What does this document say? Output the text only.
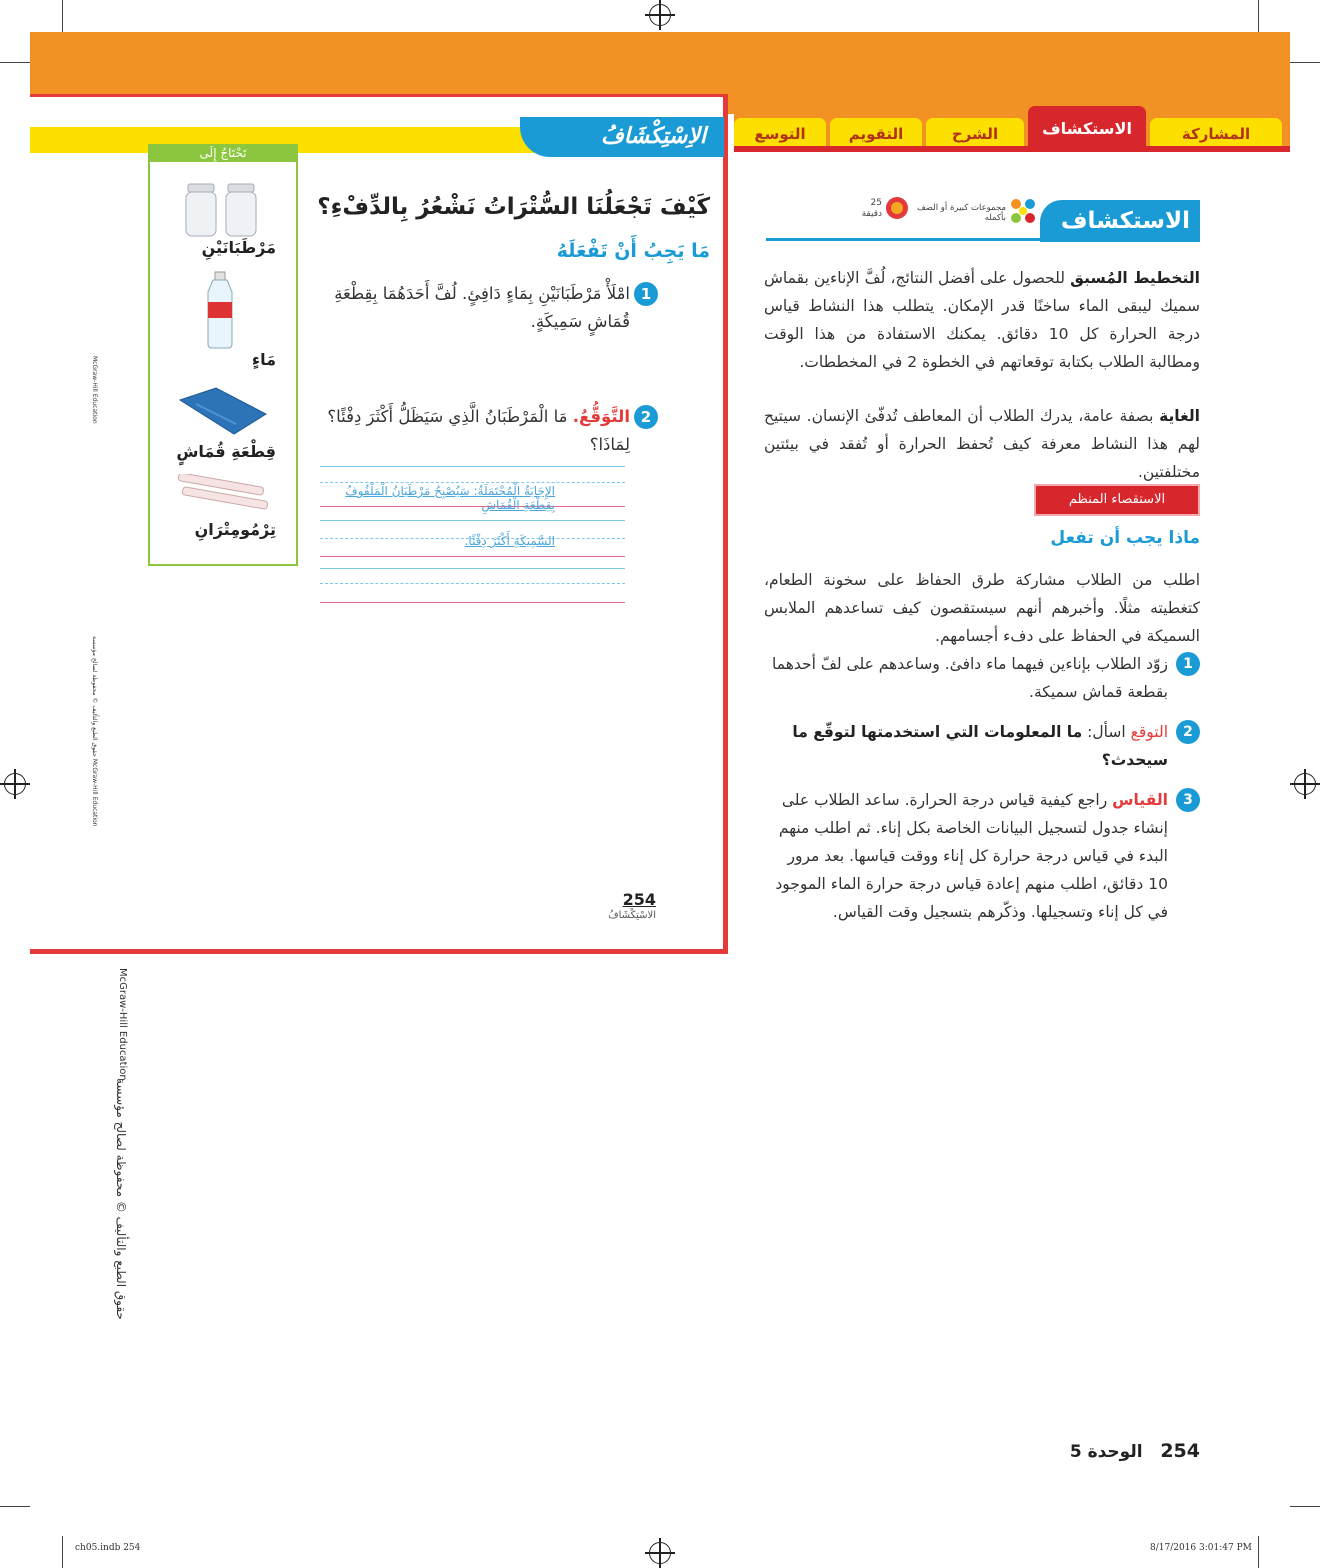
المشاركة
الاستكشاف
الشرح
التقويم
التوسع
الاِسْتِكْشَافُ
تَحْتَاجُ إِلَى
مَرْطَبَانَيْنِ
مَاءٍ
قِطْعَةِ قُمَاشٍ
تِرْمُومِتْرَانِ
كَيْفَ تَجْعَلُنَا السُّتْرَاتُ نَشْعُرُ بِالدِّفْءِ؟
مَا يَجِبُ أَنْ تَفْعَلَهُ
1
امْلَأْ مَرْطَبَانَيْنِ بِمَاءٍ دَافِئٍ. لُفَّ أَحَدَهُمَا بِقِطْعَةِ قُمَاشٍ سَمِيكَةٍ.
2
التَّوَقُّعُ. مَا الْمَرْطَبَانُ الَّذِي سَيَظَلُّ أَكْثَرَ دِفْئًا؟ لِمَاذَا؟
الإِجَابَةُ الْمُحْتَمَلَةُ: سَيُصْبِحُ مَرْطَبَانُ الْمَلْفُوفُ بِقِطْعَةِ الْقُمَاشِ
السَّمِيكَةِ أَكْثَرَ دِفْئًا.
254
الاسْتِكْشَافُ
McGraw-Hill Education
حقوق الطبع والتأليف © محفوظة لصالح مؤسسة McGraw-Hill Education
McGraw-Hill Education
حقوق الطبع والتأليف © محفوظة لصالح مؤسسة
الاستكشاف
مجموعات كبيرة أو الصف بأكمله
25
دقيقة
التخطيط المُسبق للحصول على أفضل النتائج، لُفَّ الإناءين بقماش سميك ليبقى الماء ساخنًا قدر الإمكان. يتطلب هذا النشاط قياس درجة الحرارة كل 10 دقائق. يمكنك الاستفادة من هذا الوقت ومطالبة الطلاب بكتابة توقعاتهم في الخطوة 2 في المخططات.
الغاية بصفة عامة، يدرك الطلاب أن المعاطف تُدفّئ الإنسان. سيتيح لهم هذا النشاط معرفة كيف تُحفظ الحرارة أو تُفقد في بيئتين مختلفتين.
الاستقصاء المنظم
ماذا يجب أن تفعل
اطلب من الطلاب مشاركة طرق الحفاظ على سخونة الطعام، كتغطيته مثلًا. وأخبرهم أنهم سيستقصون كيف تساعدهم الملابس السميكة في الحفاظ على دفء أجسامهم.
1
زوّد الطلاب بإناءين فيهما ماء دافئ. وساعدهم على لفّ أحدهما بقطعة قماش سميكة.
2
التوقع اسأل: ما المعلومات التي استخدمتها لتوقّع ما سيحدث؟
3
القياس راجع كيفية قياس درجة الحرارة. ساعد الطلاب على إنشاء جدول لتسجيل البيانات الخاصة بكل إناء. ثم اطلب منهم البدء في قياس درجة حرارة كل إناء ووقت قياسها. بعد مرور 10 دقائق، اطلب منهم إعادة قياس درجة حرارة الماء الموجود في كل إناء وتسجيلها. وذكّرهم بتسجيل وقت القياس.
254   الوحدة 5
ch05.indb 254	8/17/2016 3:01:47 PM
